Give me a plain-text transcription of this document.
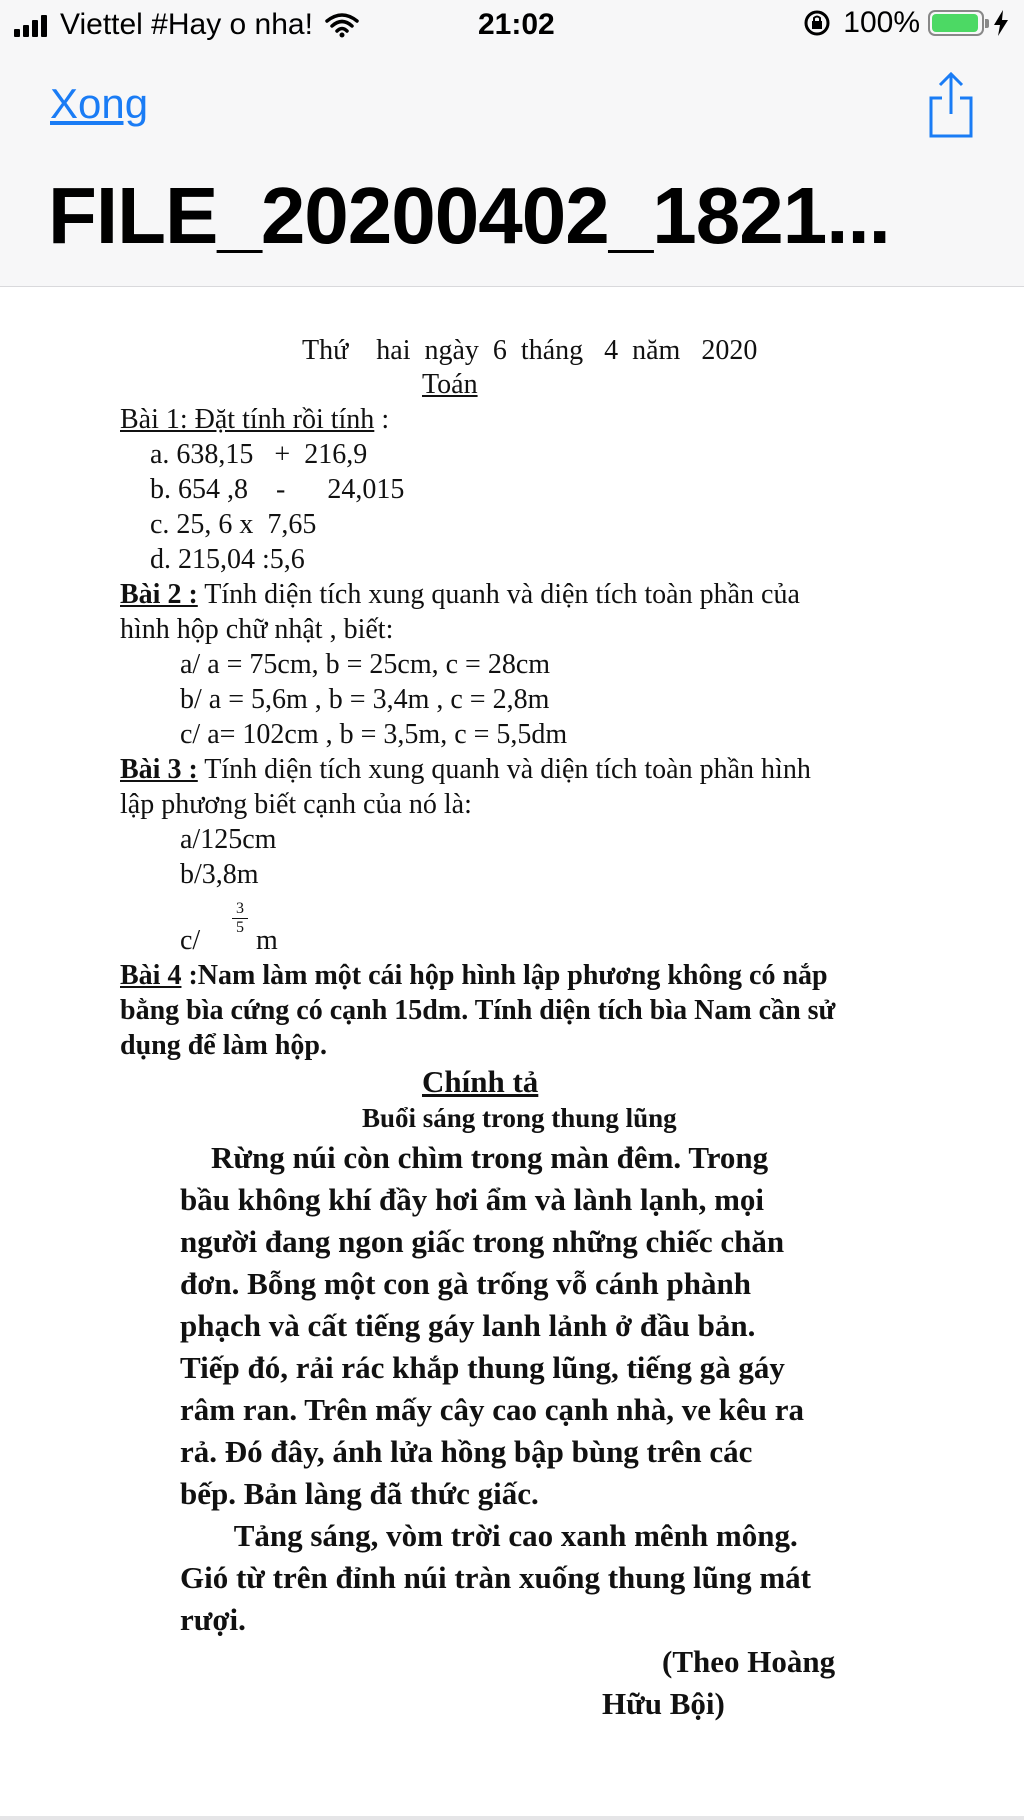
Viettel #Hay o nha!	21:02	100%
Xong
FILE_20200402_1821...
Thứ    hai  ngày  6  tháng   4  năm   2020
Toán
Bài 1: Đặt tính rồi tính :
a. 638,15   +  216,9
b. 654 ,8    -      24,015
c. 25, 6 x  7,65
d. 215,04 :5,6
Bài 2 : Tính diện tích xung quanh và diện tích toàn phần của
hình hộp chữ nhật , biết:
a/ a = 75cm, b = 25cm, c = 28cm
b/ a = 5,6m , b = 3,4m , c = 2,8m
c/ a= 102cm , b = 3,5m, c = 5,5dm
Bài 3 : Tính diện tích xung quanh và diện tích toàn phần hình
lập phương biết cạnh của nó là:
a/125cm
b/3,8m
c/
3
5 m
Bài 4 :Nam làm một cái hộp hình lập phương không có nắp
bằng bìa cứng có cạnh 15dm. Tính diện tích bìa Nam cần sử
dụng để làm hộp.
Chính tả
Buổi sáng trong thung lũng
Rừng núi còn chìm trong màn đêm. Trong
bầu không khí đầy hơi ẩm và lành lạnh, mọi
người đang ngon giấc trong những chiếc chăn
đơn. Bỗng một con gà trống vỗ cánh phành
phạch và cất tiếng gáy lanh lảnh ở đầu bản.
Tiếp đó, rải rác khắp thung lũng, tiếng gà gáy
râm ran. Trên mấy cây cao cạnh nhà, ve kêu ra
rả. Đó đây, ánh lửa hồng bập bùng trên các
bếp. Bản làng đã thức giấc.
Tảng sáng, vòm trời cao xanh mênh mông.
Gió từ trên đỉnh núi tràn xuống thung lũng mát
rượi.
(Theo Hoàng
Hữu Bội)
